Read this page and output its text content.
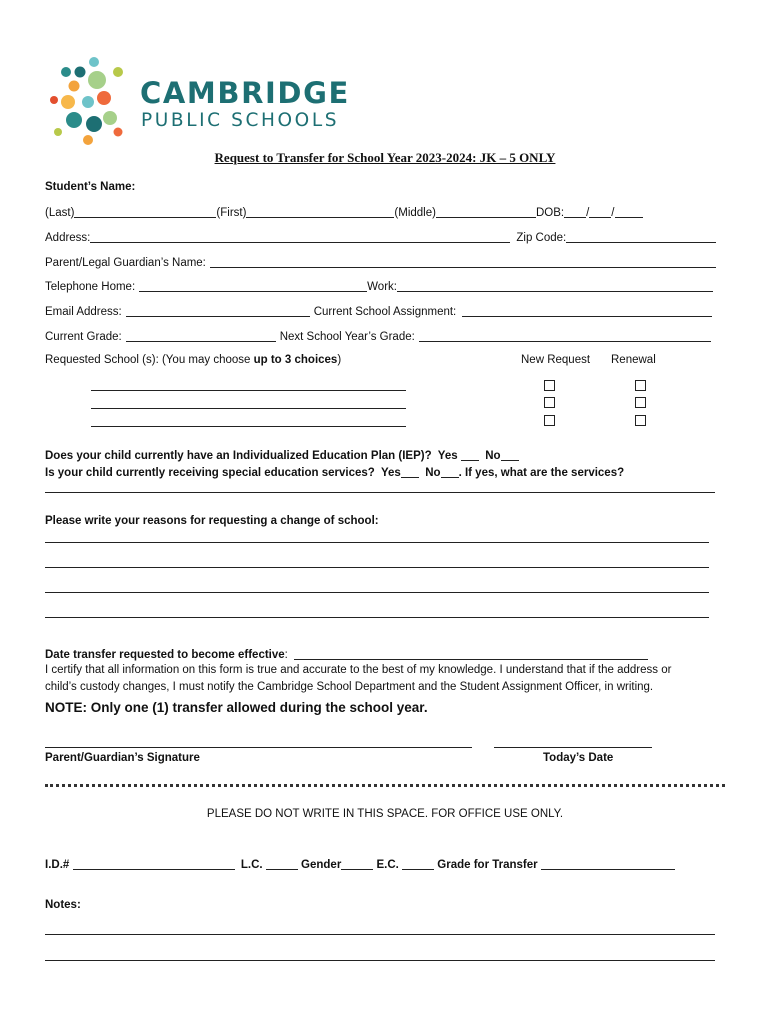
CAMBRIDGE
PUBLIC SCHOOLS
Request to Transfer for School Year 2023-2024: JK – 5 ONLY
Student’s Name:
(Last)	(First)	(Middle)	DOB: / /
Address:	Zip Code:
Parent/Legal Guardian’s Name:
Telephone Home:	Work:
Email Address:	Current School Assignment:
Current Grade:	Next School Year’s Grade:
Requested School (s): (You may choose up to 3 choices)	New Request Renewal
Does your child currently have an Individualized Education Plan (IEP)? Yes No
Is your child currently receiving special education services? Yes No . If yes, what are the services?
Please write your reasons for requesting a change of school:
Date transfer requested to become effective:
I certify that all information on this form is true and accurate to the best of my knowledge. I understand that if the address or
child’s custody changes, I must notify the Cambridge School Department and the Student Assignment Officer, in writing.
NOTE: Only one (1) transfer allowed during the school year.
Parent/Guardian’s Signature	Today’s Date
PLEASE DO NOT WRITE IN THIS SPACE. FOR OFFICE USE ONLY.
I.D.#	L.C.	Gender	E.C.	Grade for Transfer
Notes:
